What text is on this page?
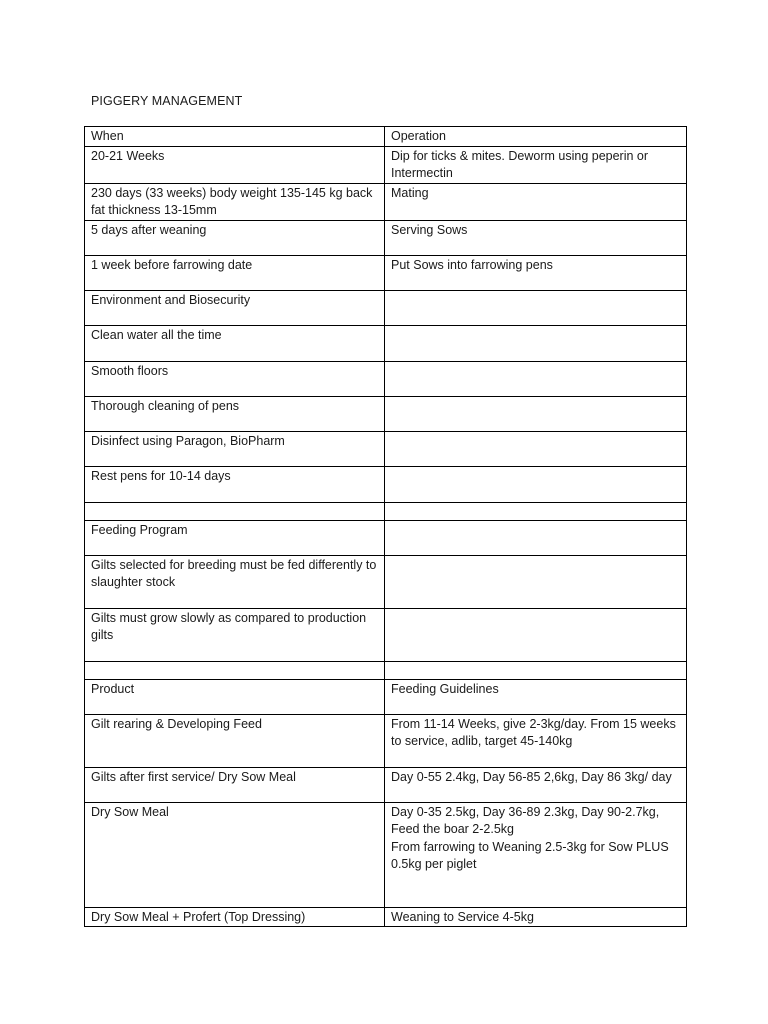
PIGGERY MANAGEMENT
When	Operation
20-21 Weeks	Dip for ticks & mites. Deworm using peperin or Intermectin
230 days (33 weeks) body weight 135-145 kg back fat thickness 13-15mm	Mating
5 days after weaning	Serving Sows
1 week before farrowing date	Put Sows into farrowing pens
Environment and Biosecurity	
Clean water all the time	
Smooth floors	
Thorough cleaning of pens	
Disinfect using Paragon, BioPharm	
Rest pens for 10-14 days	

Feeding Program	
Gilts selected for breeding must be fed differently to slaughter stock	
Gilts must grow slowly as compared to production gilts	

Product	Feeding Guidelines
Gilt rearing & Developing Feed	From 11-14 Weeks, give 2-3kg/day. From 15 weeks to service, adlib, target 45-140kg
Gilts after first service/ Dry Sow Meal	Day 0-55 2.4kg, Day 56-85 2,6kg, Day 86 3kg/ day
Dry Sow Meal	Day 0-35 2.5kg, Day 36-89 2.3kg, Day 90-2.7kg, Feed the boar 2-2.5kg
From farrowing to Weaning 2.5-3kg for Sow PLUS 0.5kg per piglet
Dry Sow Meal + Profert (Top Dressing)	Weaning to Service 4-5kg
